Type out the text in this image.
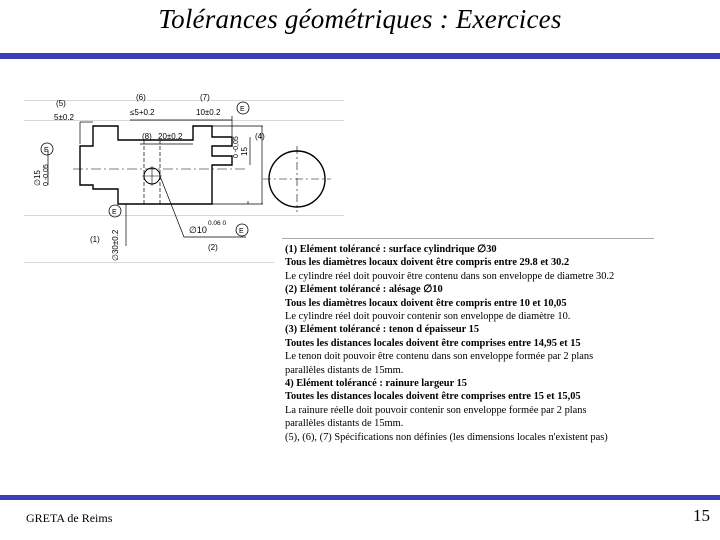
Tolérances géométriques : Exercices
(5)
5±0.2
(6)
≤5+0.2
(7)
10±0.2
(8) 20±0.2	(4)
(1)
(2)
E
0 -0,05 15
E
∅15 0 -0,05
E
∅30±0.2	∅10
0.06 0
E
(1) Elément tolérancé : surface cylindrique ∅30
Tous les diamètres locaux doivent être compris entre 29.8 et 30.2
Le cylindre réel doit pouvoir être contenu dans son enveloppe de diametre 30.2
(2) Elément tolérancé : alésage ∅10
Tous les diamètres locaux doivent être compris entre 10 et 10,05
Le cylindre réel doit pouvoir contenir son enveloppe de diamètre 10.
(3) Elément tolérancé : tenon d épaisseur 15
Toutes les distances locales doivent être comprises entre 14,95 et 15
Le tenon doit pouvoir être contenu dans son enveloppe formée par 2 plans
parallèles distants de 15mm.
4) Elément tolérancé : rainure largeur 15
Toutes les distances locales doivent être comprises entre 15 et 15,05
La rainure réelle doit pouvoir contenir son enveloppe formée par 2 plans
parallèles distants de 15mm.
(5), (6), (7) Spécifications non définies (les dimensions locales n'existent pas)
GRETA de Reims	15
